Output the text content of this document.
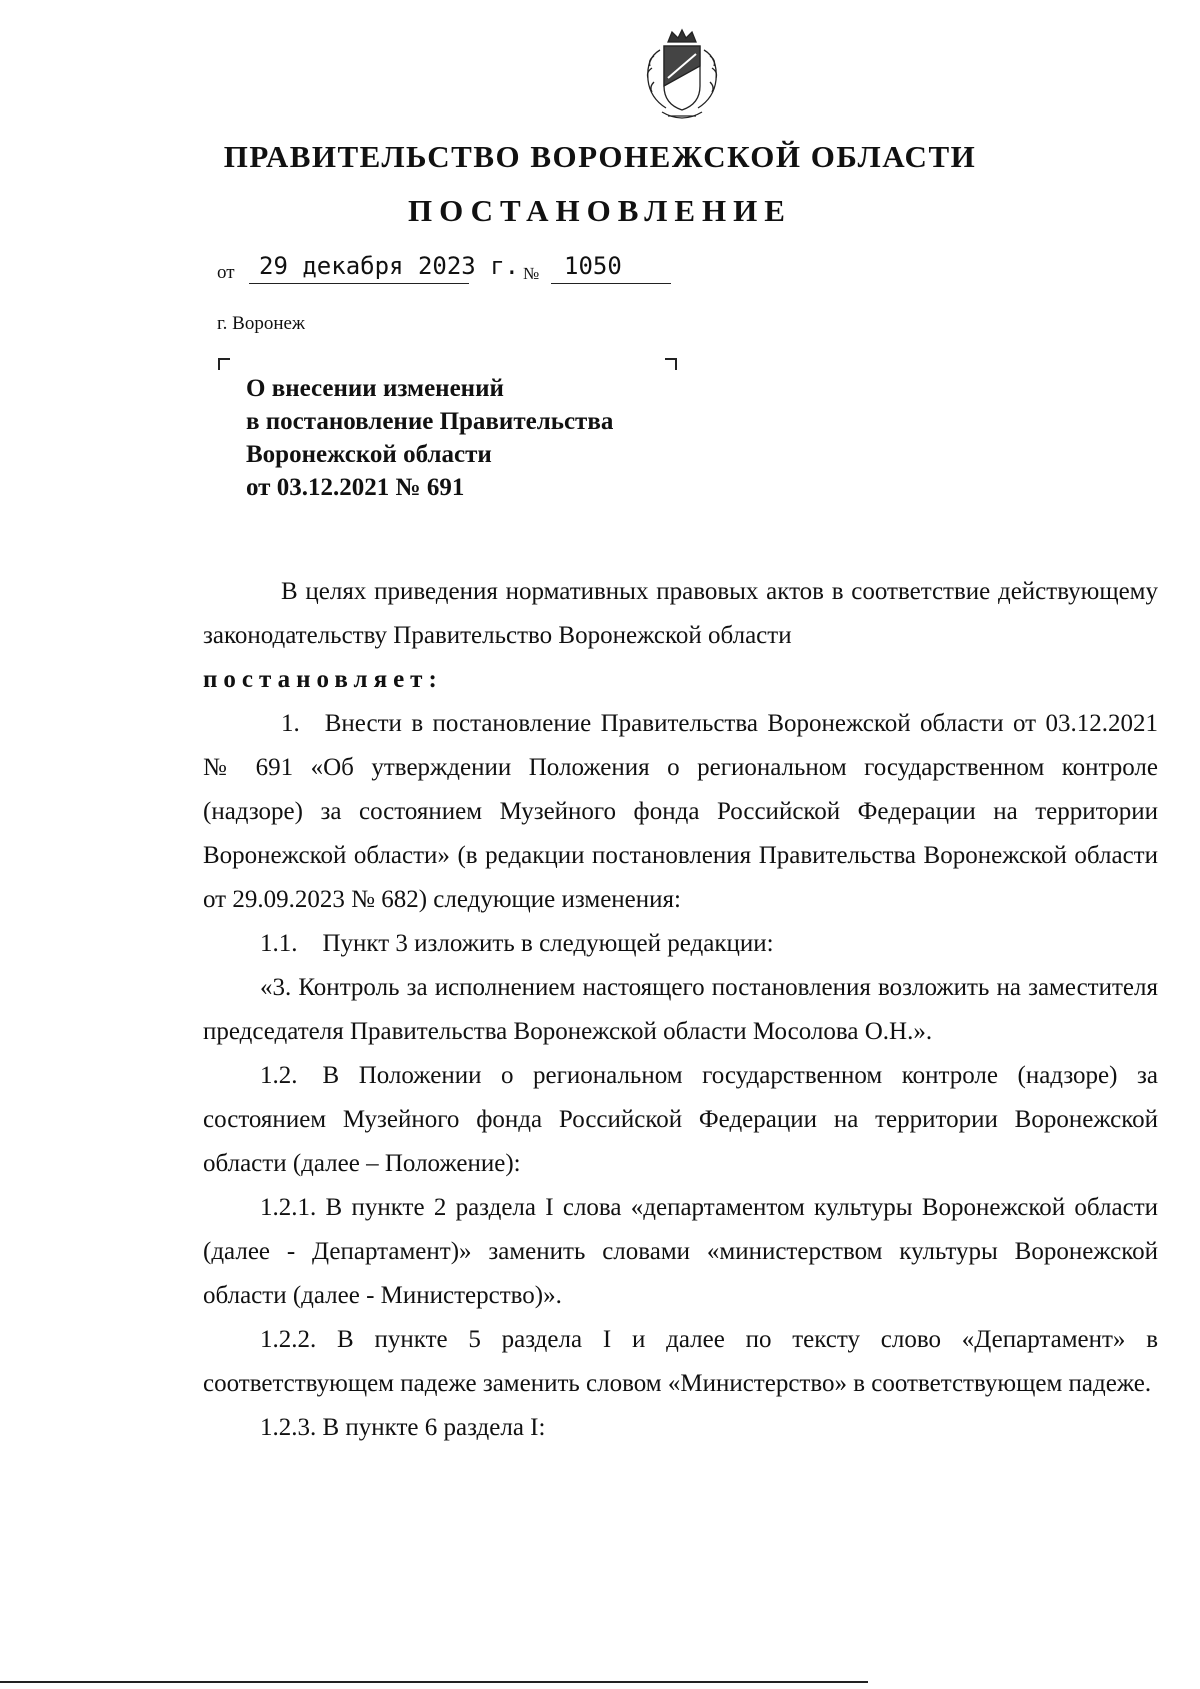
ПРАВИТЕЛЬСТВО ВОРОНЕЖСКОЙ ОБЛАСТИ
ПОСТАНОВЛЕНИЕ
от 29 декабря 2023 г. № 1050
г. Воронеж
О внесении изменений
в постановление Правительства
Воронежской области
от 03.12.2021 № 691

В целях приведения нормативных правовых актов в соответствие действующему законодательству Правительство Воронежской области

постановляет:

1. Внести в постановление Правительства Воронежской области от 03.12.2021 № 691 «Об утверждении Положения о региональном государственном контроле (надзоре) за состоянием Музейного фонда Российской Федерации на территории Воронежской области» (в редакции постановления Правительства Воронежской области от 29.09.2023 № 682) следующие изменения:

1.1. Пункт 3 изложить в следующей редакции:

«3. Контроль за исполнением настоящего постановления возложить на заместителя председателя Правительства Воронежской области Мосолова О.Н.».

1.2. В Положении о региональном государственном контроле (надзоре) за состоянием Музейного фонда Российской Федерации на территории Воронежской области (далее – Положение):

1.2.1. В пункте 2 раздела I слова «департаментом культуры Воронежской области (далее - Департамент)» заменить словами «министерством культуры Воронежской области (далее - Министерство)».

1.2.2. В пункте 5 раздела I и далее по тексту слово «Департамент» в соответствующем падеже заменить словом «Министерство» в соответствующем падеже.

1.2.3. В пункте 6 раздела I:
